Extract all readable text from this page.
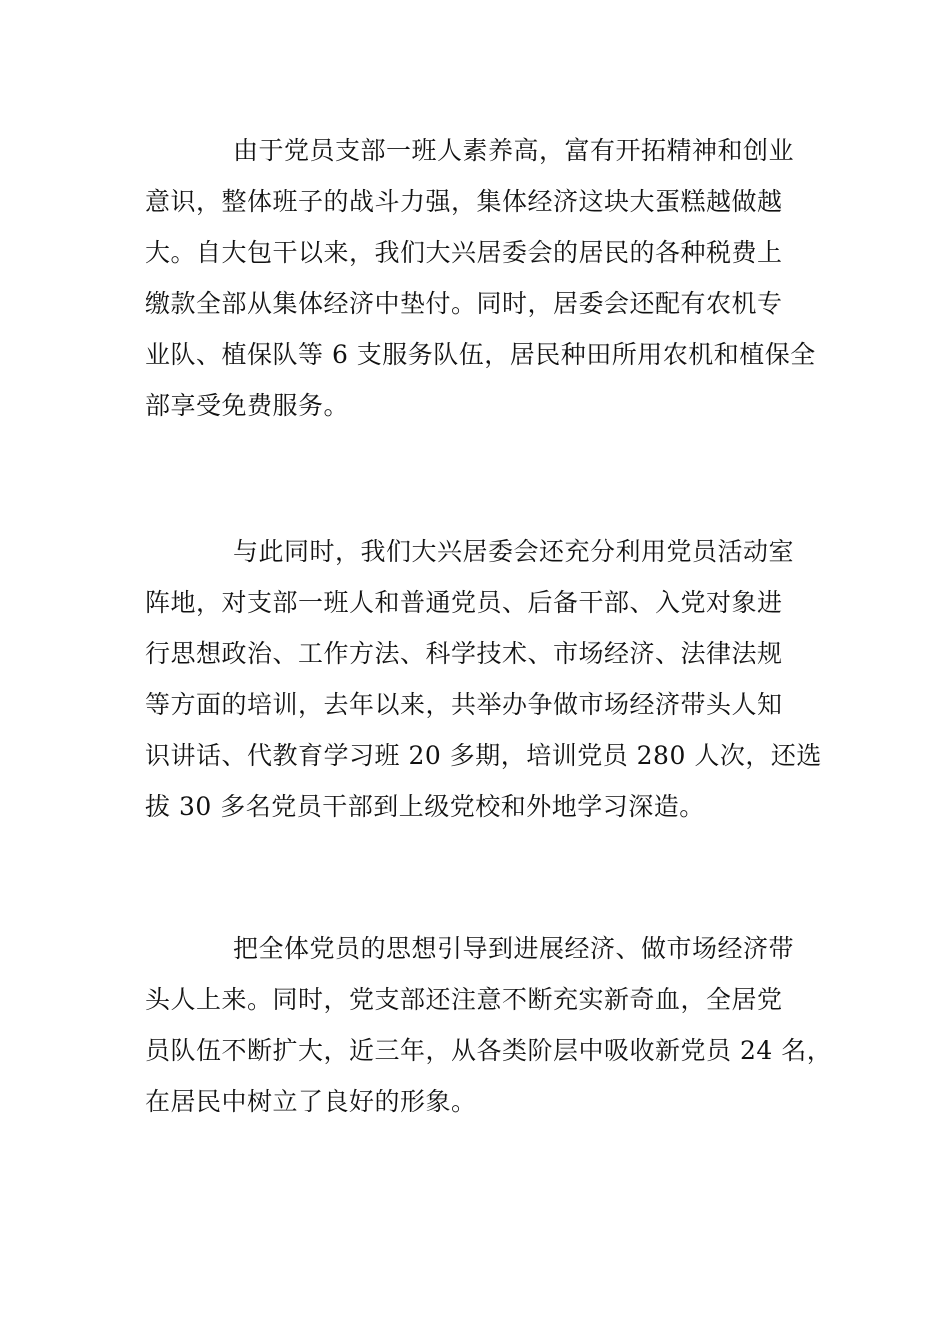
由于党员支部一班人素养高，富有开拓精神和创业
意识，整体班子的战斗力强，集体经济这块大蛋糕越做越
大。自大包干以来，我们大兴居委会的居民的各种税费上
缴款全部从集体经济中垫付。同时，居委会还配有农机专
业队、植保队等 6 支服务队伍，居民种田所用农机和植保全
部享受免费服务。

与此同时，我们大兴居委会还充分利用党员活动室
阵地，对支部一班人和普通党员、后备干部、入党对象进
行思想政治、工作方法、科学技术、市场经济、法律法规
等方面的培训，去年以来，共举办争做市场经济带头人知
识讲话、代教育学习班 20 多期，培训党员 280 人次，还选
拔 30 多名党员干部到上级党校和外地学习深造。

把全体党员的思想引导到进展经济、做市场经济带
头人上来。同时，党支部还注意不断充实新奇血，全居党
员队伍不断扩大，近三年，从各类阶层中吸收新党员 24 名，
在居民中树立了良好的形象。
